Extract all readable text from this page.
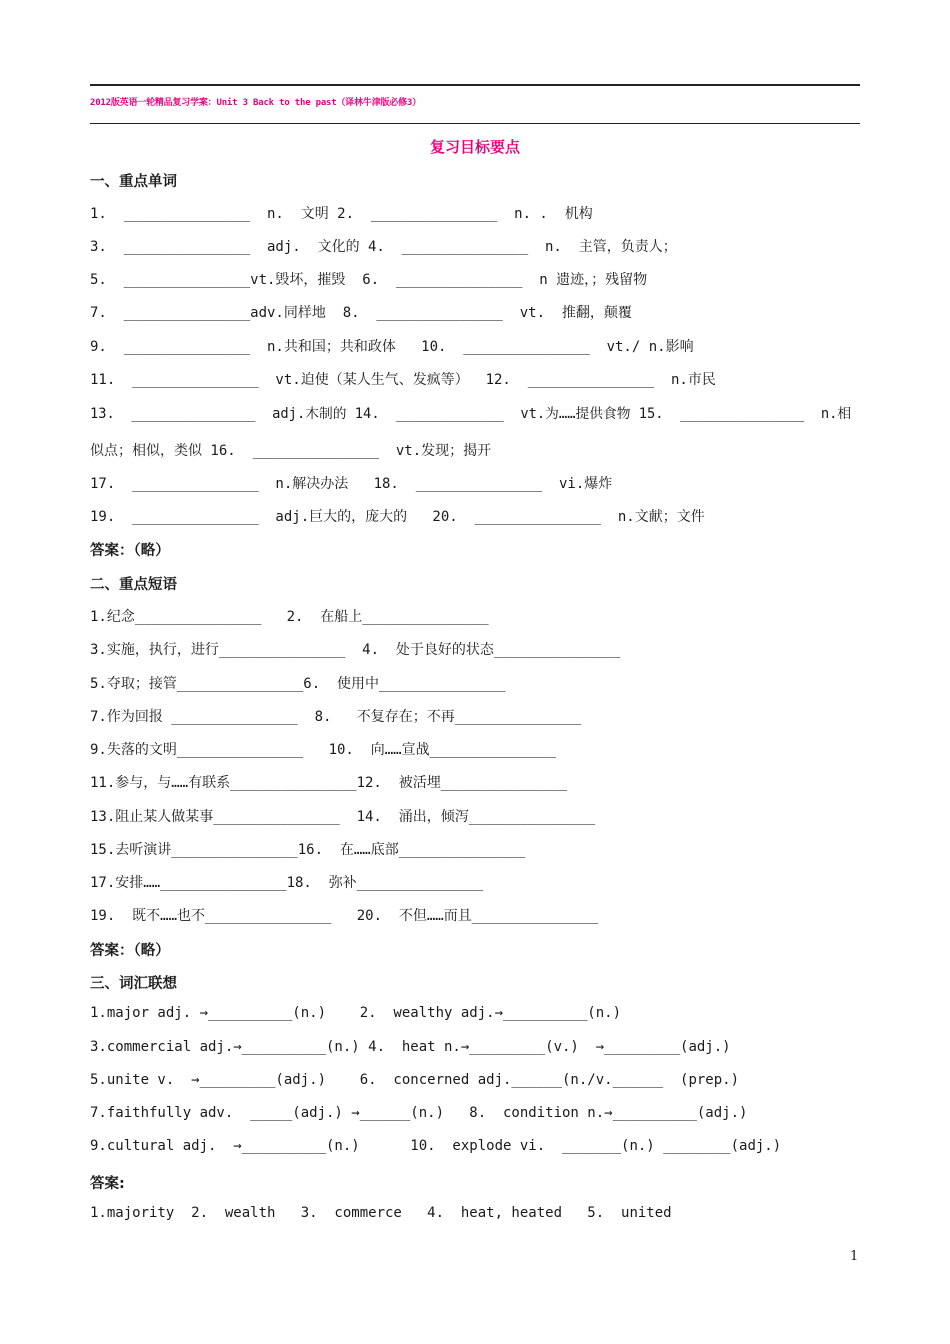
2012版英语一轮精品复习学案：Unit 3 Back to the past（译林牛津版必修3）
复习目标要点
一、重点单词
1.  _______________  n.  文明 2.  _______________  n. .  机构
3.  _______________  adj.  文化的 4.  _______________  n.  主管，负责人；
5.  _______________vt.毁坏，摧毁  6.  _______________  n 遗迹，；残留物
7.  _______________adv.同样地  8.  _______________  vt.  推翻，颠覆
9.  _______________  n.共和国；共和政体   10.  _______________  vt./ n.影响
11.  _______________  vt.迫使（某人生气、发疯等）  12.  _______________  n.市民
13.  _______________  adj.木制的 14.  _____________  vt.为……提供食物 15.  _______________  n.相
似点；相似，类似 16.  _______________  vt.发现；揭开
17.  _______________  n.解决办法   18.  _______________  vi.爆炸
19.  _______________  adj.巨大的，庞大的   20.  _______________  n.文献；文件
答案：（略）
二、重点短语
1.纪念_______________   2.  在船上_______________
3.实施，执行，进行_______________  4.  处于良好的状态_______________
5.夺取；接管_______________6.  使用中_______________
7.作为回报 _______________  8.   不复存在；不再_______________
9.失落的文明_______________   10.  向……宣战_______________
11.参与，与……有联系_______________12.  被活埋_______________
13.阻止某人做某事_______________  14.  涌出，倾泻_______________
15.去听演讲_______________16.  在……底部_______________
17.安排……_______________18.  弥补_______________
19.  既不……也不_______________   20.  不但……而且_______________
答案：（略）
三、词汇联想
1.major adj. →__________(n.)    2.  wealthy adj.→__________(n.)
3.commercial adj.→__________(n.) 4.  heat n.→_________(v.)  →_________(adj.)
5.unite v.  →_________(adj.)    6.  concerned adj.______(n./v.______  (prep.)
7.faithfully adv.  _____(adj.) →______(n.)   8.  condition n.→__________(adj.)
9.cultural adj.  →__________(n.)      10.  explode vi.  _______(n.) ________(adj.)
答案:
1.majority  2.  wealth   3.  commerce   4.  heat, heated   5.  united
1
